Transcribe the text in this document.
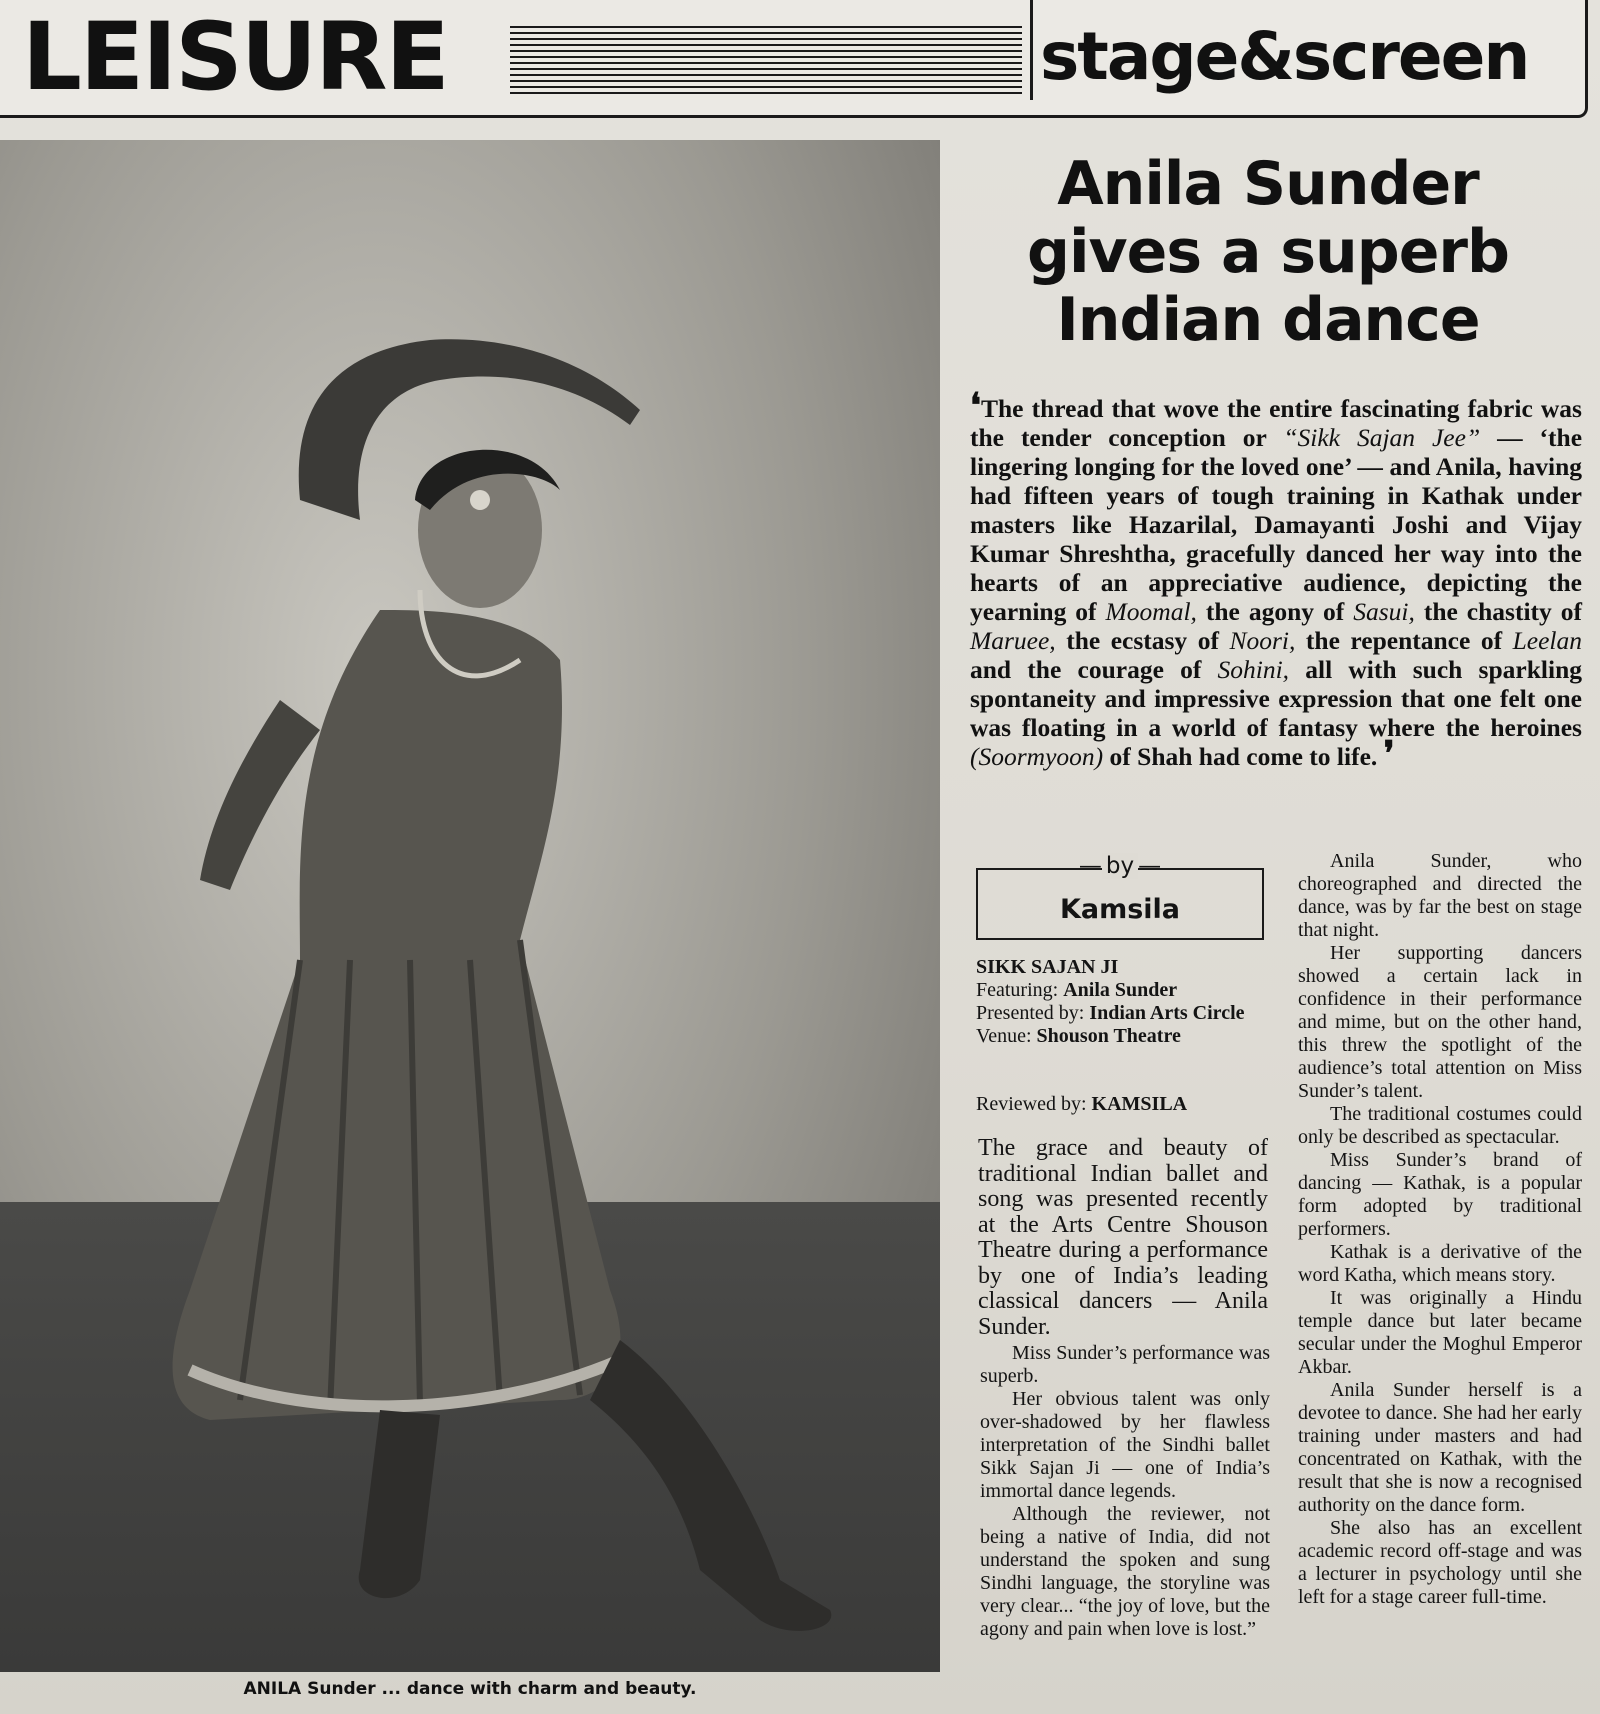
LEISURE	stage&screen
ANILA Sunder ... dance with charm and beauty.
Anila Sunder
gives a superb
Indian dance
❛The thread that wove the entire fascinating fabric was the tender conception or “Sikk Sajan Jee” — ‘the lingering longing for the loved one’ — and Anila, having had fifteen years of tough training in Kathak under masters like Hazarilal, Damayanti Joshi and Vijay Kumar Shreshtha, gracefully danced her way into the hearts of an appreciative audience, depicting the yearning of Moomal, the agony of Sasui, the chastity of Maruee, the ecstasy of Noori, the repentance of Leelan and the courage of Sohini, all with such sparkling spontaneity and impressive expression that one felt one was floating in a world of fantasy where the heroines (Soormyoon) of Shah had come to life. ❜
— by —
Kamsila
SIKK SAJAN JI
Featuring: Anila Sunder
Presented by: Indian Arts Circle
Venue: Shouson Theatre
Reviewed by: KAMSILA

The grace and beauty of traditional Indian ballet and song was presented recently at the Arts Centre Shouson Theatre during a performance by one of India’s leading classical dancers — Anila Sunder.

Miss Sunder’s performance was superb.

Her obvious talent was only over-shadowed by her flawless interpretation of the Sindhi ballet Sikk Sajan Ji — one of India’s immortal dance legends.

Although the reviewer, not being a native of India, did not understand the spoken and sung Sindhi language, the storyline was very clear... “the joy of love, but the agony and pain when love is lost.”

Anila Sunder, who choreographed and directed the dance, was by far the best on stage that night.

Her supporting dancers showed a certain lack in confidence in their performance and mime, but on the other hand, this threw the spotlight of the audience’s total attention on Miss Sunder’s talent.

The traditional costumes could only be described as spectacular.

Miss Sunder’s brand of dancing — Kathak, is a popular form adopted by traditional performers.

Kathak is a derivative of the word Katha, which means story.

It was originally a Hindu temple dance but later became secular under the Moghul Emperor Akbar.

Anila Sunder herself is a devotee to dance. She had her early training under masters and had concentrated on Kathak, with the result that she is now a recognised authority on the dance form.

She also has an excellent academic record off-stage and was a lecturer in psychology until she left for a stage career full-time.
